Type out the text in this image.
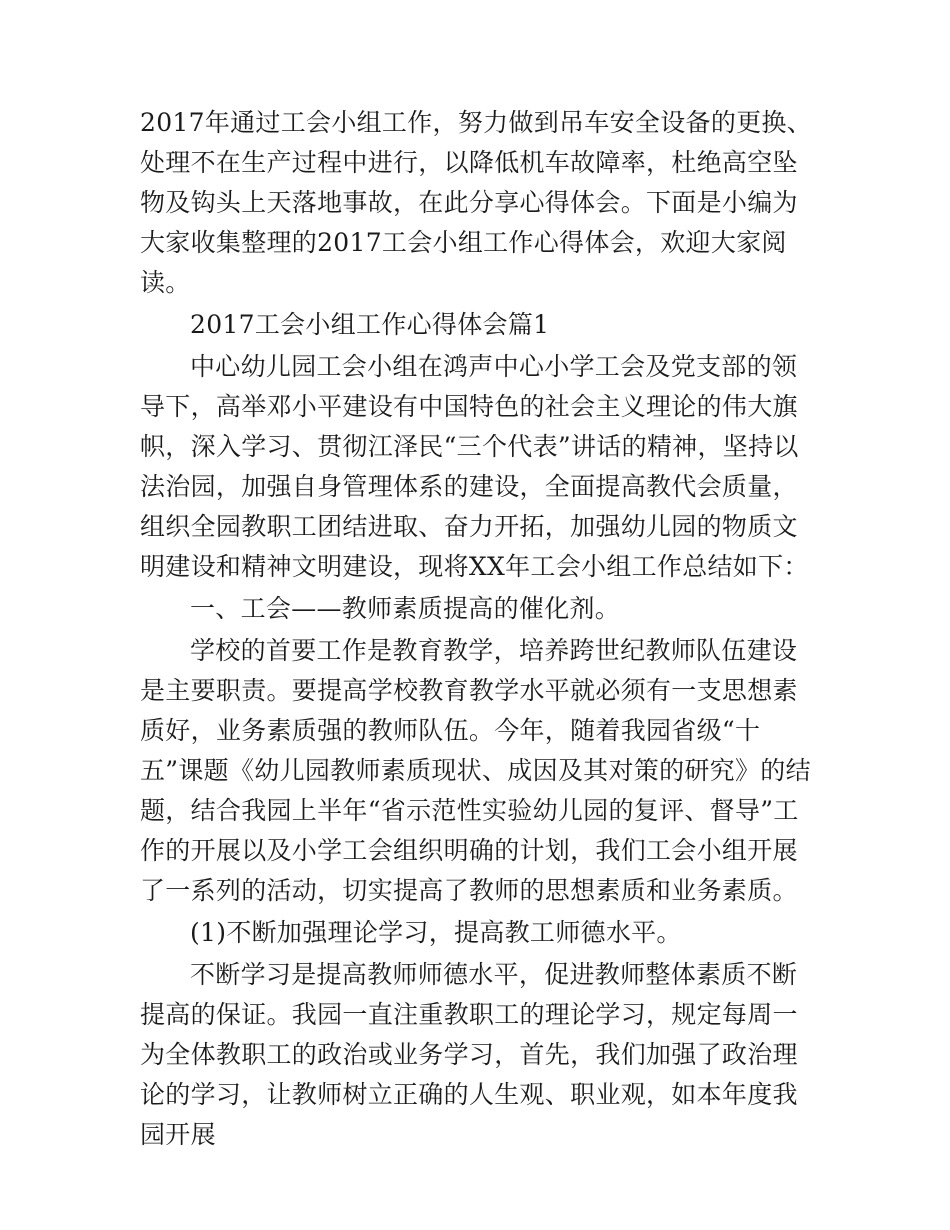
2017年通过工会小组工作，努力做到吊车安全设备的更换、处理不在生产过程中进行，以降低机车故障率，杜绝高空坠物及钩头上天落地事故，在此分享心得体会。下面是小编为大家收集整理的2017工会小组工作心得体会，欢迎大家阅读。

2017工会小组工作心得体会篇1

中心幼儿园工会小组在鸿声中心小学工会及党支部的领导下，高举邓小平建设有中国特色的社会主义理论的伟大旗帜，深入学习、贯彻江泽民“三个代表”讲话的精神，坚持以法治园，加强自身管理体系的建设，全面提高教代会质量，组织全园教职工团结进取、奋力开拓，加强幼儿园的物质文明建设和精神文明建设，现将XX年工会小组工作总结如下：

一、工会——教师素质提高的催化剂。

学校的首要工作是教育教学，培养跨世纪教师队伍建设是主要职责。要提高学校教育教学水平就必须有一支思想素质好，业务素质强的教师队伍。今年，随着我园省级“十五”课题《幼儿园教师素质现状、成因及其对策的研究》的结题，结合我园上半年“省示范性实验幼儿园的复评、督导”工作的开展以及小学工会组织明确的计划，我们工会小组开展了一系列的活动，切实提高了教师的思想素质和业务素质。

(1)不断加强理论学习，提高教工师德水平。

不断学习是提高教师师德水平，促进教师整体素质不断提高的保证。我园一直注重教职工的理论学习，规定每周一为全体教职工的政治或业务学习，首先，我们加强了政治理论的学习，让教师树立正确的人生观、职业观，如本年度我园开展
